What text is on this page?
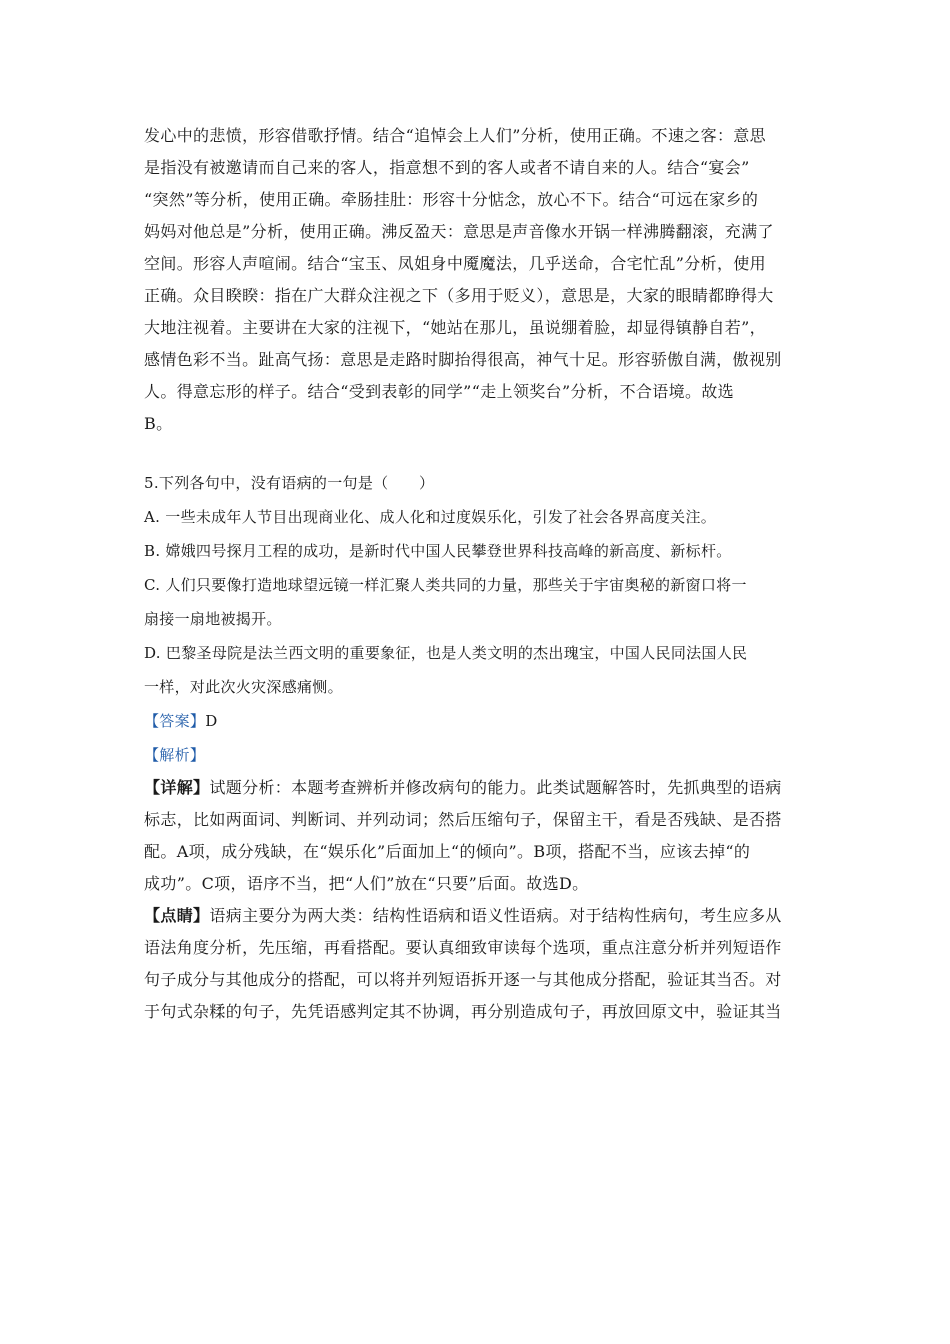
发心中的悲愤，形容借歌抒情。结合“追悼会上人们”分析，使用正确。不速之客：意思
是指没有被邀请而自己来的客人，指意想不到的客人或者不请自来的人。结合“宴会”
“突然”等分析，使用正确。牵肠挂肚：形容十分惦念，放心不下。结合“可远在家乡的
妈妈对他总是”分析，使用正确。沸反盈天：意思是声音像水开锅一样沸腾翻滚，充满了
空间。形容人声喧闹。结合“宝玉、凤姐身中魇魔法，几乎送命，合宅忙乱”分析，使用
正确。众目睽睽：指在广大群众注视之下（多用于贬义），意思是，大家的眼睛都睁得大
大地注视着。主要讲在大家的注视下，“她站在那儿，虽说绷着脸，却显得镇静自若”，
感情色彩不当。趾高气扬：意思是走路时脚抬得很高，神气十足。形容骄傲自满，傲视别
人。得意忘形的样子。结合“受到表彰的同学”“走上领奖台”分析，不合语境。故选
B。
5.下列各句中，没有语病的一句是（　　）
A. 一些未成年人节目出现商业化、成人化和过度娱乐化，引发了社会各界高度关注。
B. 嫦娥四号探月工程的成功，是新时代中国人民攀登世界科技高峰的新高度、新标杆。
C. 人们只要像打造地球望远镜一样汇聚人类共同的力量，那些关于宇宙奥秘的新窗口将一
扇接一扇地被揭开。
D. 巴黎圣母院是法兰西文明的重要象征，也是人类文明的杰出瑰宝，中国人民同法国人民
一样，对此次火灾深感痛恻。
【答案】D
【解析】
【详解】试题分析：本题考查辨析并修改病句的能力。此类试题解答时，先抓典型的语病
标志，比如两面词、判断词、并列动词；然后压缩句子，保留主干，看是否残缺、是否搭
配。A项，成分残缺，在“娱乐化”后面加上“的倾向”。B项，搭配不当，应该去掉“的
成功”。C项，语序不当，把“人们”放在“只要”后面。故选D。
【点睛】语病主要分为两大类：结构性语病和语义性语病。对于结构性病句，考生应多从
语法角度分析，先压缩，再看搭配。要认真细致审读每个选项，重点注意分析并列短语作
句子成分与其他成分的搭配，可以将并列短语拆开逐一与其他成分搭配，验证其当否。对
于句式杂糅的句子，先凭语感判定其不协调，再分别造成句子，再放回原文中，验证其当
